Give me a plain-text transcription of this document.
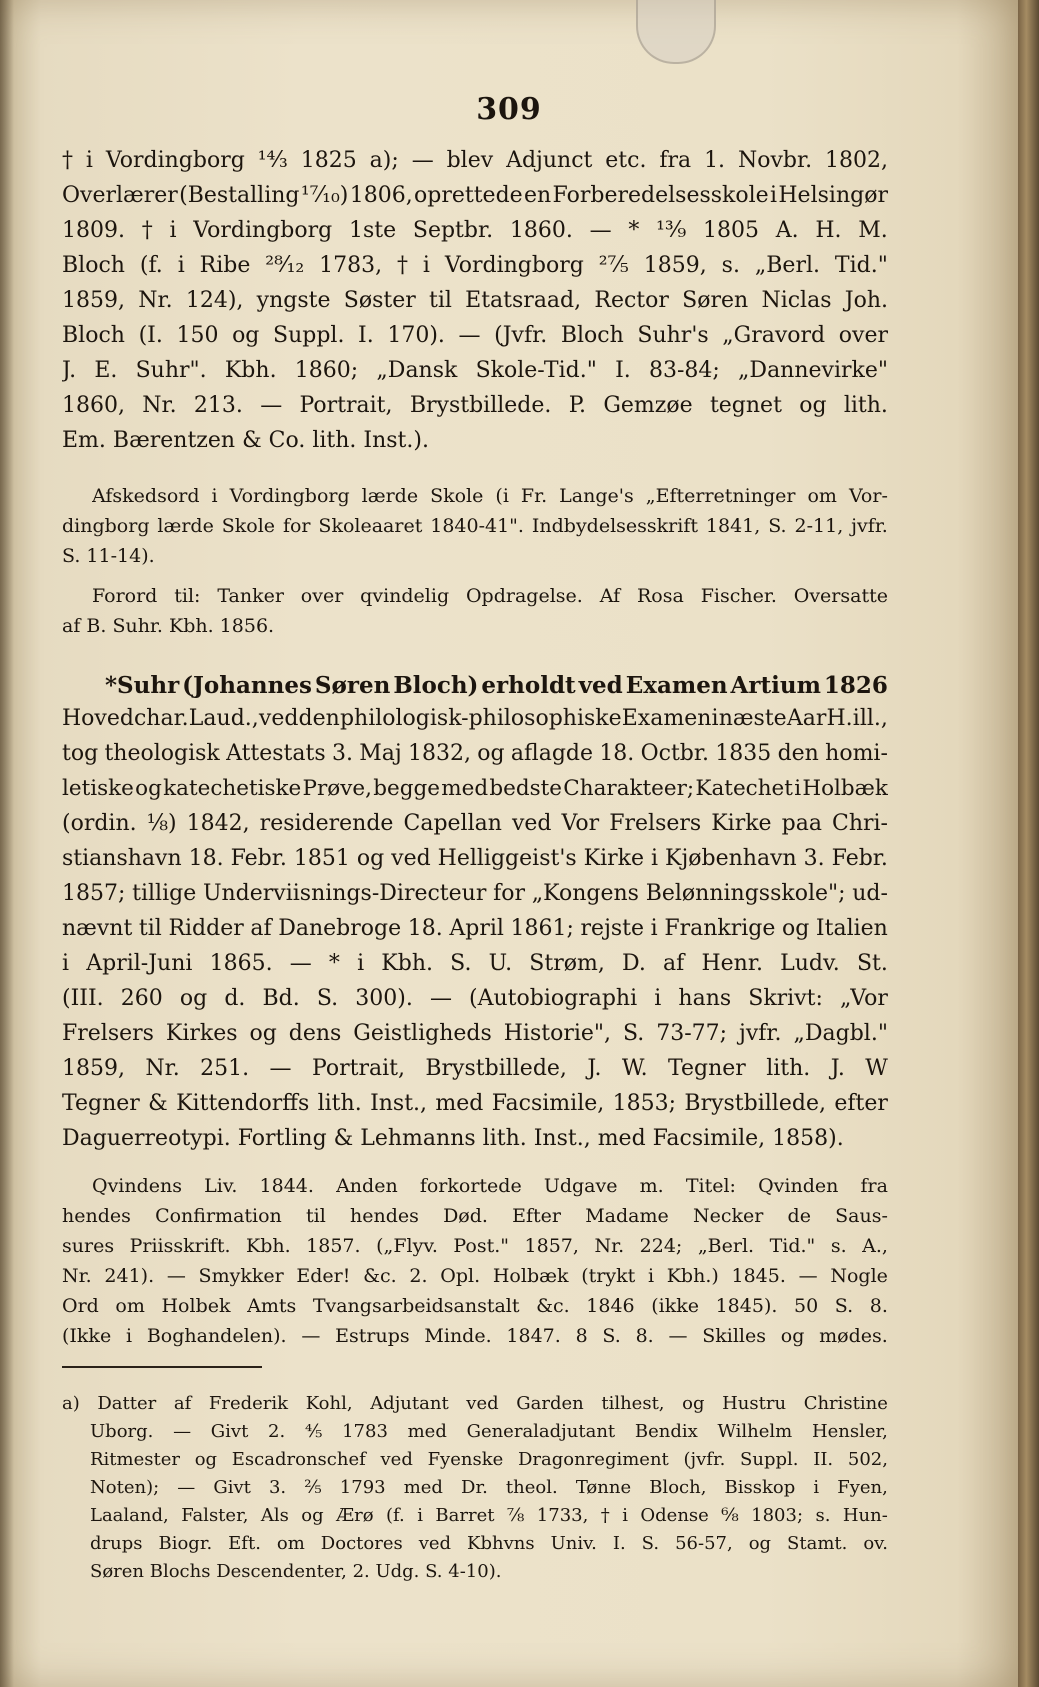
309
† i Vordingborg ¹⁴⁄₃ 1825 a); — blev Adjunct etc. fra 1. Novbr. 1802,
Overlærer (Bestalling ¹⁷⁄₁₀) 1806, oprettede en Forberedelsesskole i Helsingør
1809. † i Vordingborg 1ste Septbr. 1860. — * ¹³⁄₉ 1805 A. H. M.
Bloch (f. i Ribe ²⁸⁄₁₂ 1783, † i Vordingborg ²⁷⁄₅ 1859, s. „Berl. Tid."
1859, Nr. 124), yngste Søster til Etatsraad, Rector Søren Niclas Joh.
Bloch (I. 150 og Suppl. I. 170). — (Jvfr. Bloch Suhr's „Gravord over
J. E. Suhr". Kbh. 1860; „Dansk Skole-Tid." I. 83-84; „Dannevirke"
1860, Nr. 213. — Portrait, Brystbillede. P. Gemzøe tegnet og lith.
Em. Bærentzen & Co. lith. Inst.).
Afskedsord i Vordingborg lærde Skole (i Fr. Lange's „Efterretninger om Vor-
dingborg lærde Skole for Skoleaaret 1840-41". Indbydelsesskrift 1841, S. 2-11, jvfr.
S. 11-14).
Forord til: Tanker over qvindelig Opdragelse. Af Rosa Fischer. Oversatte
af B. Suhr. Kbh. 1856.
*Suhr (Johannes Søren Bloch) erholdt ved Examen Artium 1826
Hovedchar. Laud., ved den philologisk-philosophiske Examen i næste Aar H. ill.,
tog theologisk Attestats 3. Maj 1832, og aflagde 18. Octbr. 1835 den homi-
letiske og katechetiske Prøve, begge med bedste Charakteer; Katechet i Holbæk
(ordin. ⅛) 1842, residerende Capellan ved Vor Frelsers Kirke paa Chri-
stianshavn 18. Febr. 1851 og ved Helliggeist's Kirke i Kjøbenhavn 3. Febr.
1857; tillige Underviisnings-Directeur for „Kongens Belønningsskole"; ud-
nævnt til Ridder af Danebroge 18. April 1861; rejste i Frankrige og Italien
i April-Juni 1865. — * i Kbh. S. U. Strøm, D. af Henr. Ludv. St.
(III. 260 og d. Bd. S. 300). — (Autobiographi i hans Skrivt: „Vor
Frelsers Kirkes og dens Geistligheds Historie", S. 73-77; jvfr. „Dagbl."
1859, Nr. 251. — Portrait, Brystbillede, J. W. Tegner lith. J. W
Tegner & Kittendorffs lith. Inst., med Facsimile, 1853; Brystbillede, efter
Daguerreotypi. Fortling & Lehmanns lith. Inst., med Facsimile, 1858).
Qvindens Liv. 1844. Anden forkortede Udgave m. Titel: Qvinden fra
hendes Confirmation til hendes Død. Efter Madame Necker de Saus-
sures Priisskrift. Kbh. 1857. („Flyv. Post." 1857, Nr. 224; „Berl. Tid." s. A.,
Nr. 241). — Smykker Eder! &c. 2. Opl. Holbæk (trykt i Kbh.) 1845. — Nogle
Ord om Holbek Amts Tvangsarbeidsanstalt &c. 1846 (ikke 1845). 50 S. 8.
(Ikke i Boghandelen). — Estrups Minde. 1847. 8 S. 8. — Skilles og mødes.
a) Datter af Frederik Kohl, Adjutant ved Garden tilhest, og Hustru Christine
Uborg. — Givt 2. ⅘ 1783 med Generaladjutant Bendix Wilhelm Hensler,
Ritmester og Escadronschef ved Fyenske Dragonregiment (jvfr. Suppl. II. 502,
Noten); — Givt 3. ²⁄₅ 1793 med Dr. theol. Tønne Bloch, Bisskop i Fyen,
Laaland, Falster, Als og Ærø (f. i Barret ⅞ 1733, † i Odense ⁶⁄₈ 1803; s. Hun-
drups Biogr. Eft. om Doctores ved Kbhvns Univ. I. S. 56-57, og Stamt. ov.
Søren Blochs Descendenter, 2. Udg. S. 4-10).
